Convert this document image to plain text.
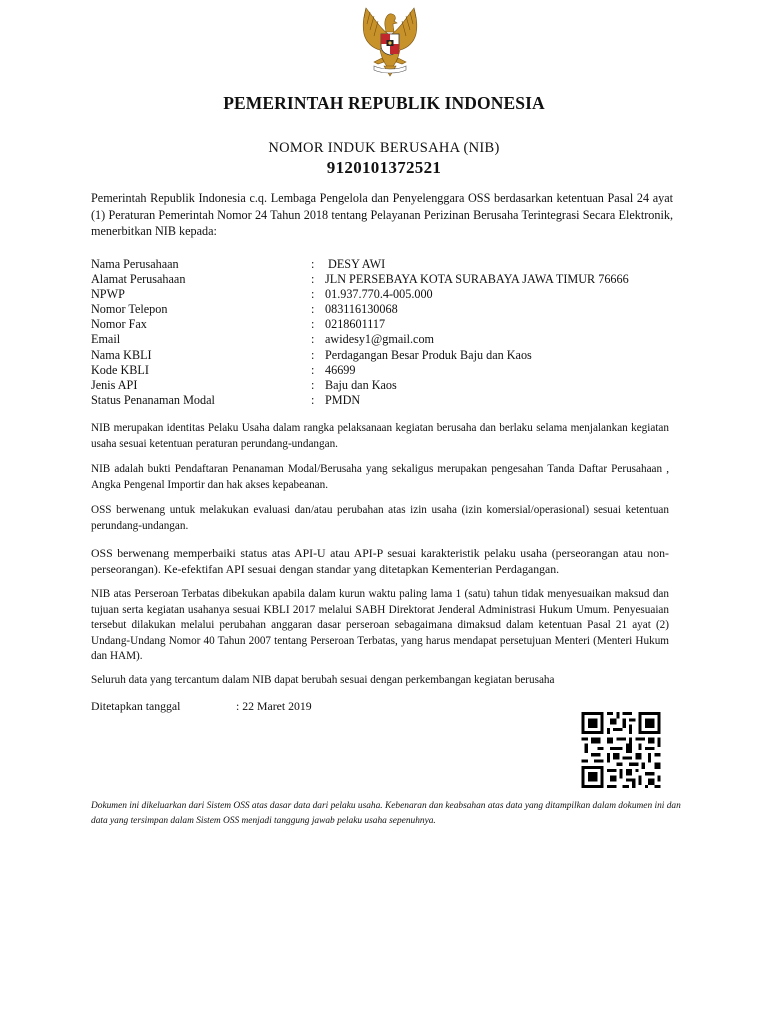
PEMERINTAH REPUBLIK INDONESIA
NOMOR INDUK BERUSAHA (NIB)
9120101372521
Pemerintah Republik Indonesia c.q. Lembaga Pengelola dan Penyelenggara OSS berdasarkan ketentuan Pasal 24 ayat (1) Peraturan Pemerintah Nomor 24 Tahun 2018 tentang Pelayanan Perizinan Berusaha Terintegrasi Secara Elektronik, menerbitkan NIB kepada:
Nama Perusahaan	: DESY AWI
Alamat Perusahaan	: JLN PERSEBAYA KOTA SURABAYA JAWA TIMUR 76666
NPWP	: 01.937.770.4-005.000
Nomor Telepon	: 083116130068
Nomor Fax	: 0218601117
Email	: awidesy1@gmail.com
Nama KBLI	: Perdagangan Besar Produk Baju dan Kaos
Kode KBLI	: 46699
Jenis API	: Baju dan Kaos
Status Penanaman Modal	: PMDN
NIB merupakan identitas Pelaku Usaha dalam rangka pelaksanaan kegiatan berusaha dan berlaku selama menjalankan kegiatan usaha sesuai ketentuan peraturan perundang-undangan.
NIB adalah bukti Pendaftaran Penanaman Modal/Berusaha yang sekaligus merupakan pengesahan Tanda Daftar Perusahaan , Angka Pengenal Importir dan hak akses kepabeanan.
OSS berwenang untuk melakukan evaluasi dan/atau perubahan atas izin usaha (izin komersial/operasional) sesuai ketentuan perundang-undangan.
OSS berwenang memperbaiki status atas API-U atau API-P sesuai karakteristik pelaku usaha (perseorangan atau non-perseorangan). Ke-efektifan API sesuai dengan standar yang ditetapkan Kementerian Perdagangan.
NIB atas Perseroan Terbatas dibekukan apabila dalam kurun waktu paling lama 1 (satu) tahun tidak menyesuaikan maksud dan tujuan serta kegiatan usahanya sesuai KBLI 2017 melalui SABH Direktorat Jenderal Administrasi Hukum Umum. Penyesuaian tersebut dilakukan melalui perubahan anggaran dasar perseroan sebagaimana dimaksud dalam ketentuan Pasal 21 ayat (2) Undang-Undang Nomor 40 Tahun 2007 tentang Perseroan Terbatas, yang harus mendapat persetujuan Menteri (Menteri Hukum dan HAM).
Seluruh data yang tercantum dalam NIB dapat berubah sesuai dengan perkembangan kegiatan berusaha
Ditetapkan tanggal	: 22 Maret 2019
Dokumen ini dikeluarkan dari Sistem OSS atas dasar data dari pelaku usaha. Kebenaran dan keabsahan atas data yang ditampilkan dalam dokumen ini dan data yang tersimpan dalam Sistem OSS menjadi tanggung jawab pelaku usaha sepenuhnya.
